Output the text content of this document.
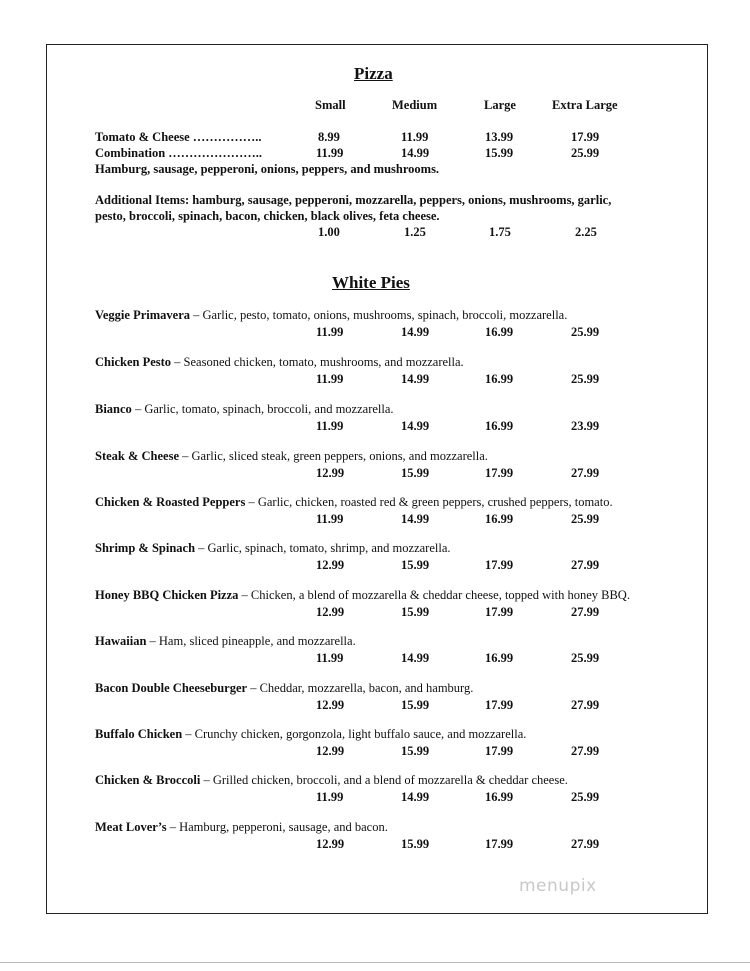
Pizza
Small	Medium	Large	Extra Large
Tomato & Cheese ……………..	8.99	11.99	13.99	17.99
Combination …………………..	11.99	14.99	15.99	25.99
Hamburg, sausage, pepperoni, onions, peppers, and mushrooms.
Additional Items: hamburg, sausage, pepperoni, mozzarella, peppers, onions, mushrooms, garlic,
pesto, broccoli, spinach, bacon, chicken, black olives, feta cheese.
1.00	1.25	1.75	2.25
White Pies
Veggie Primavera – Garlic, pesto, tomato, onions, mushrooms, spinach, broccoli, mozzarella.
11.99	14.99	16.99	25.99
Chicken Pesto – Seasoned chicken, tomato, mushrooms, and mozzarella.
11.99	14.99	16.99	25.99
Bianco – Garlic, tomato, spinach, broccoli, and mozzarella.
11.99	14.99	16.99	23.99
Steak & Cheese – Garlic, sliced steak, green peppers, onions, and mozzarella.
12.99	15.99	17.99	27.99
Chicken & Roasted Peppers – Garlic, chicken, roasted red & green peppers, crushed peppers, tomato.
11.99	14.99	16.99	25.99
Shrimp & Spinach – Garlic, spinach, tomato, shrimp, and mozzarella.
12.99	15.99	17.99	27.99
Honey BBQ Chicken Pizza – Chicken, a blend of mozzarella & cheddar cheese, topped with honey BBQ.
12.99	15.99	17.99	27.99
Hawaiian – Ham, sliced pineapple, and mozzarella.
11.99	14.99	16.99	25.99
Bacon Double Cheeseburger – Cheddar, mozzarella, bacon, and hamburg.
12.99	15.99	17.99	27.99
Buffalo Chicken – Crunchy chicken, gorgonzola, light buffalo sauce, and mozzarella.
12.99	15.99	17.99	27.99
Chicken & Broccoli – Grilled chicken, broccoli, and a blend of mozzarella & cheddar cheese.
11.99	14.99	16.99	25.99
Meat Lover’s – Hamburg, pepperoni, sausage, and bacon.
12.99	15.99	17.99	27.99
menupix
